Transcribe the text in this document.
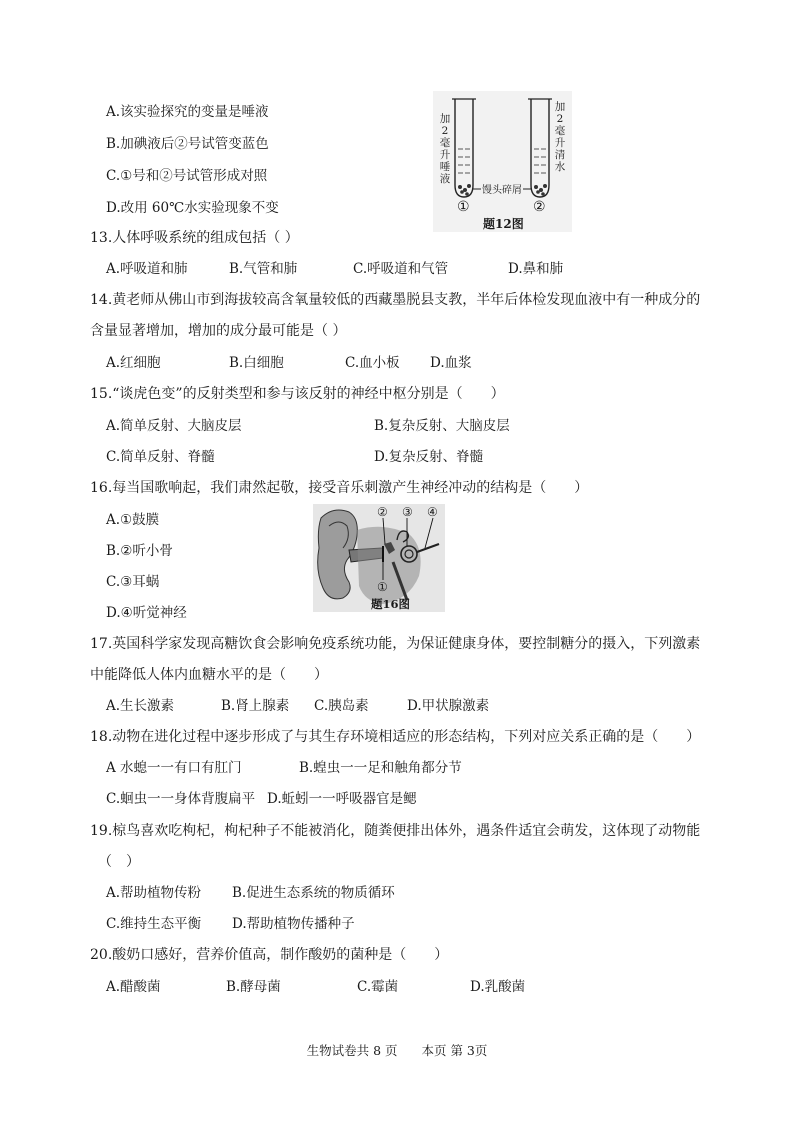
A.该实验探究的变量是唾液
B.加碘液后②号试管变蓝色
C.①号和②号试管形成对照
D.改用 60℃水实验现象不变
加2毫升唾液
加2毫升清水
馒头碎屑
①	②
题12图
13.人体呼吸系统的组成包括（ ）
A.呼吸道和肺	B.气管和肺	C.呼吸道和气管	D.鼻和肺
14.黄老师从佛山市到海拔较高含氧量较低的西藏墨脱县支教，半年后体检发现血液中有一种成分的
含量显著增加，增加的成分最可能是（ ）
A.红细胞	B.白细胞	C.血小板 D.血浆
15.“谈虎色变”的反射类型和参与该反射的神经中枢分别是（　　）
A.简单反射、大脑皮层	B.复杂反射、大脑皮层
C.简单反射、脊髓	D.复杂反射、脊髓
16.每当国歌响起，我们肃然起敬，接受音乐刺激产生神经冲动的结构是（　　）
A.①鼓膜
B.②听小骨
C.③耳蜗
D.④听觉神经
①
② ③ ④
题16图
17.英国科学家发现高糖饮食会影响免疫系统功能，为保证健康身体，要控制糖分的摄入，下列激素
中能降低人体内血糖水平的是（　　）
A.生长激素	B.肾上腺素 C.胰岛素	D.甲状腺激素
18.动物在进化过程中逐步形成了与其生存环境相适应的形态结构，下列对应关系正确的是（　　）
A 水螅一一有口有肛门	B.蝗虫一一足和触角都分节
C.蛔虫一一身体背腹扁平 D.蚯蚓一一呼吸器官是鳃
19.椋鸟喜欢吃枸杞，枸杞种子不能被消化，随粪便排出体外，遇条件适宜会萌发，这体现了动物能
（　）
A.帮助植物传粉 B.促进生态系统的物质循环
C.维持生态平衡 D.帮助植物传播种子
20.酸奶口感好，营养价值高，制作酸奶的菌种是（　　）
A.醋酸菌	B.酵母菌	C.霉菌	D.乳酸菌
生物试卷共 8 页 本页 第 3页
